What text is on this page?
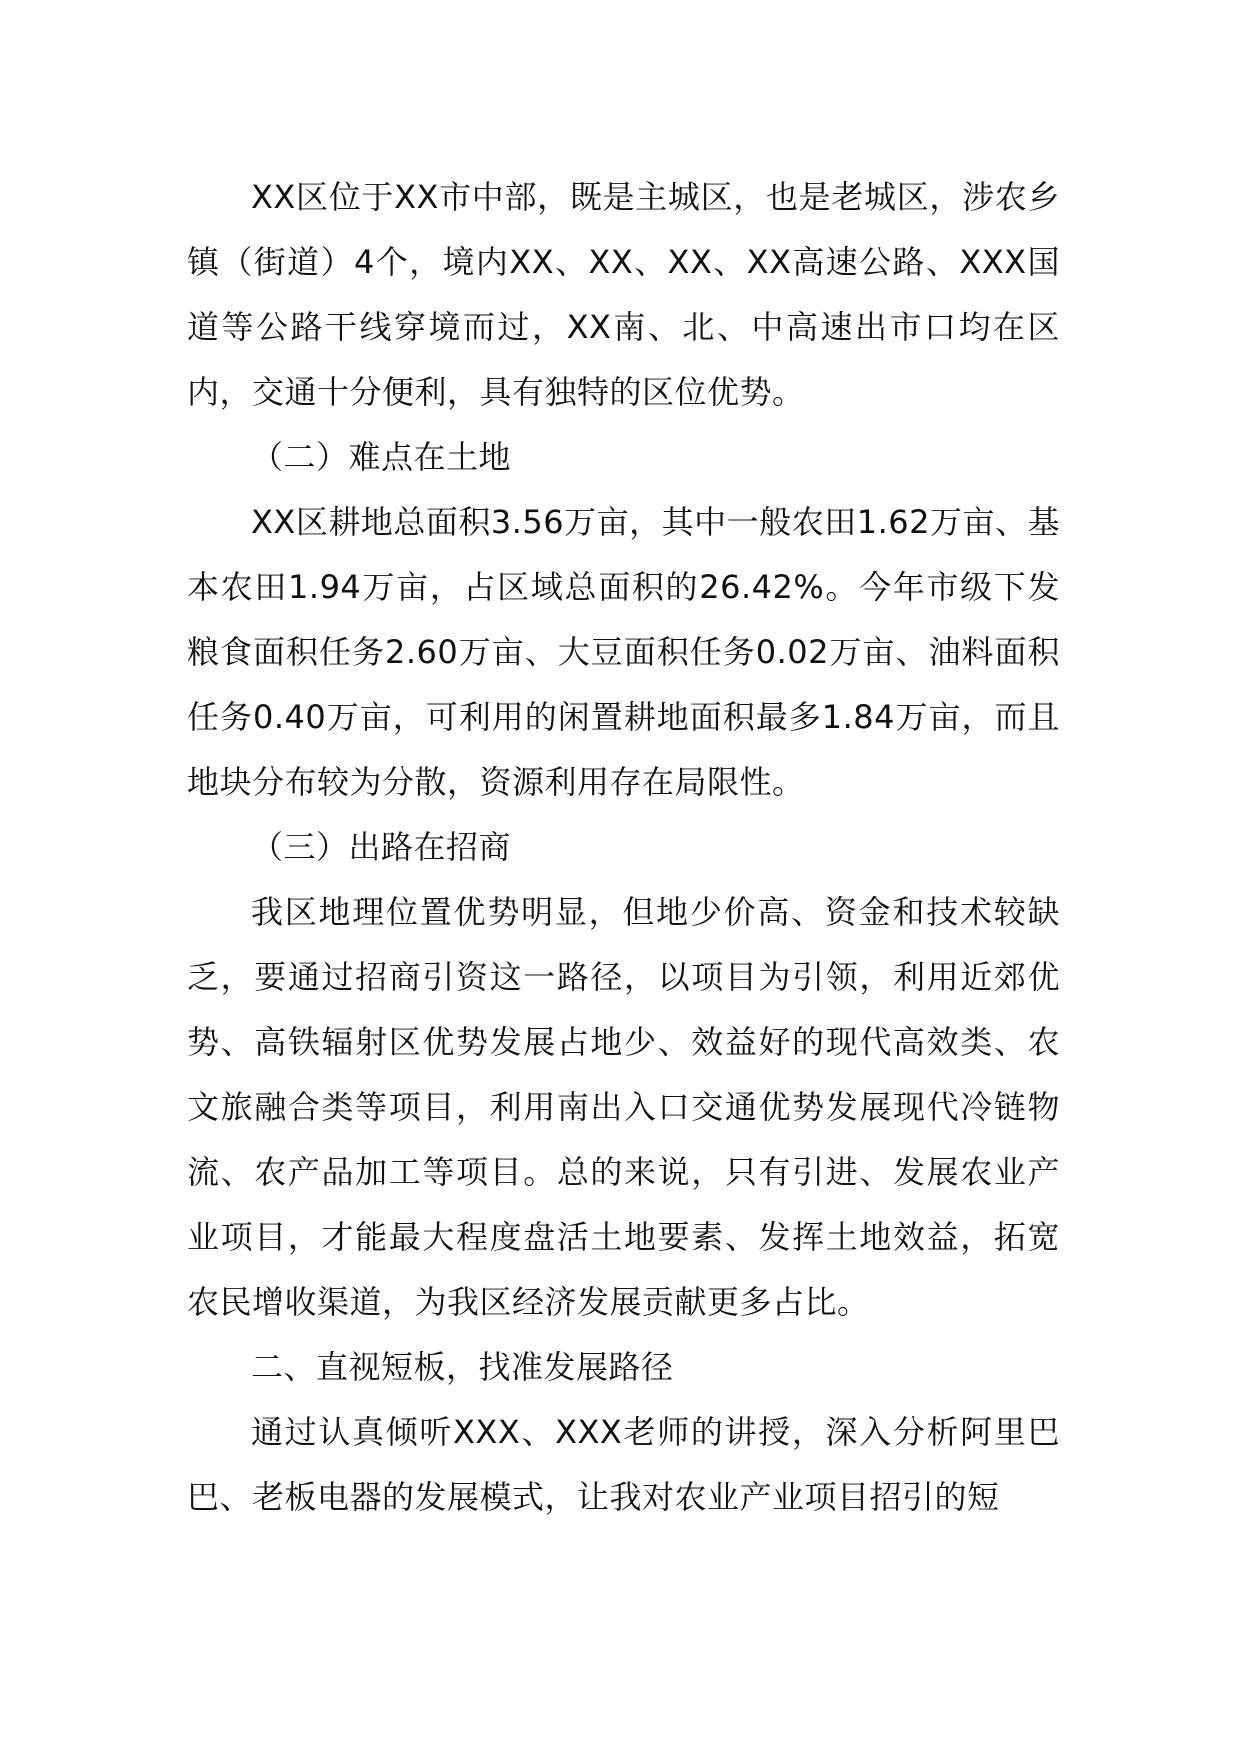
XX区位于XX市中部，既是主城区，也是老城区，涉农乡镇（街道）4个，境内XX、XX、XX、XX高速公路、XXX国道等公路干线穿境而过，XX南、北、中高速出市口均在区内，交通十分便利，具有独特的区位优势。

（二）难点在土地

XX区耕地总面积3.56万亩，其中一般农田1.62万亩、基本农田1.94万亩，占区域总面积的26.42%。今年市级下发粮食面积任务2.60万亩、大豆面积任务0.02万亩、油料面积任务0.40万亩，可利用的闲置耕地面积最多1.84万亩，而且地块分布较为分散，资源利用存在局限性。

（三）出路在招商

我区地理位置优势明显，但地少价高、资金和技术较缺乏，要通过招商引资这一路径，以项目为引领，利用近郊优势、高铁辐射区优势发展占地少、效益好的现代高效类、农文旅融合类等项目，利用南出入口交通优势发展现代冷链物流、农产品加工等项目。总的来说，只有引进、发展农业产业项目，才能最大程度盘活土地要素、发挥土地效益，拓宽农民增收渠道，为我区经济发展贡献更多占比。

二、直视短板，找准发展路径

通过认真倾听XXX、XXX老师的讲授，深入分析阿里巴巴、老板电器的发展模式，让我对农业产业项目招引的短
